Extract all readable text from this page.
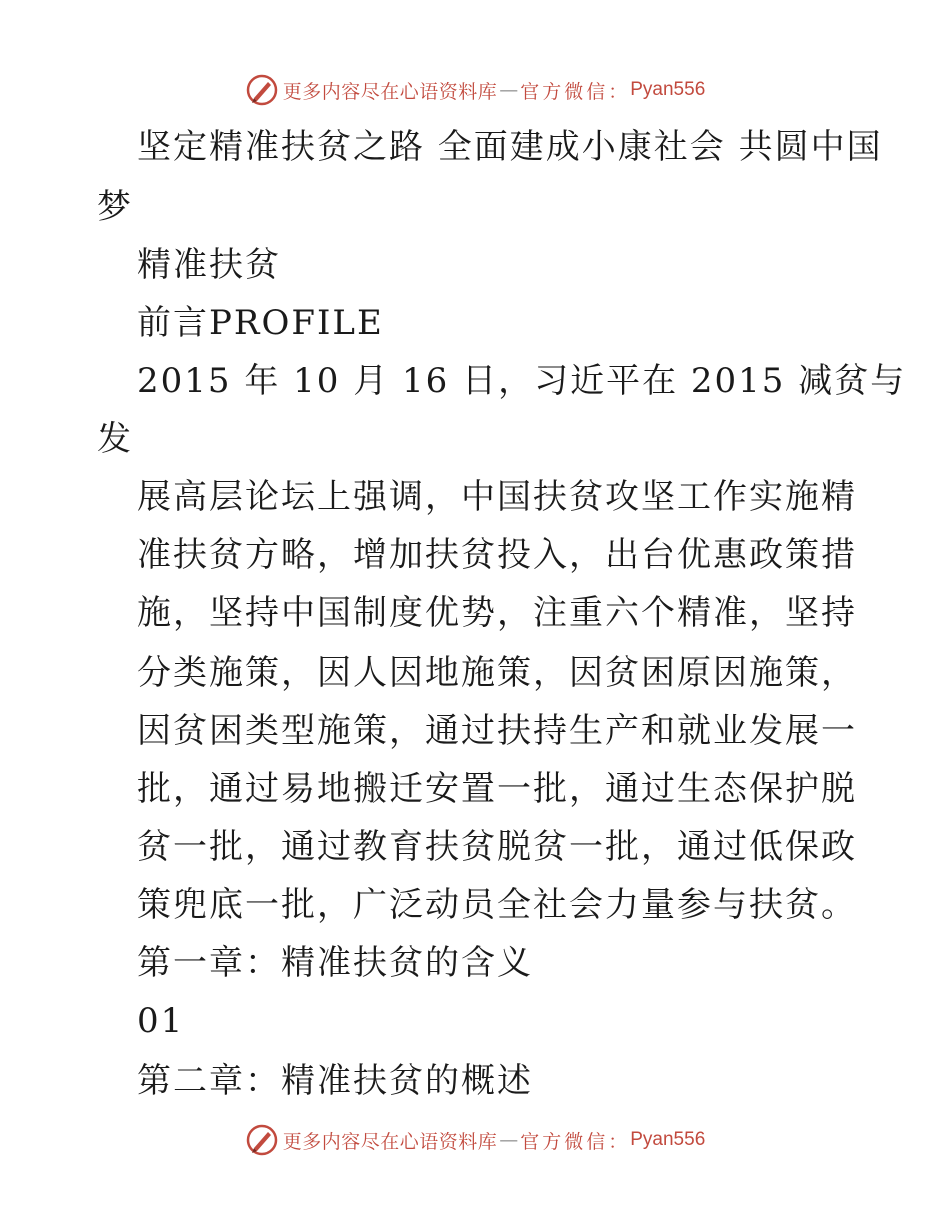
更多内容尽在心语资料库 — 官方微信： Pyan556
坚定精准扶贫之路 全面建成小康社会 共圆中国
梦
精准扶贫
前言PROFILE
2015 年 10 月 16 日，习近平在 2015 减贫与
发
展高层论坛上强调，中国扶贫攻坚工作实施精
准扶贫方略，增加扶贫投入，出台优惠政策措
施，坚持中国制度优势，注重六个精准，坚持
分类施策，因人因地施策，因贫困原因施策，
因贫困类型施策，通过扶持生产和就业发展一
批，通过易地搬迁安置一批，通过生态保护脱
贫一批，通过教育扶贫脱贫一批，通过低保政
策兜底一批，广泛动员全社会力量参与扶贫。
第一章：精准扶贫的含义
01
第二章：精准扶贫的概述
更多内容尽在心语资料库 — 官方微信： Pyan556
